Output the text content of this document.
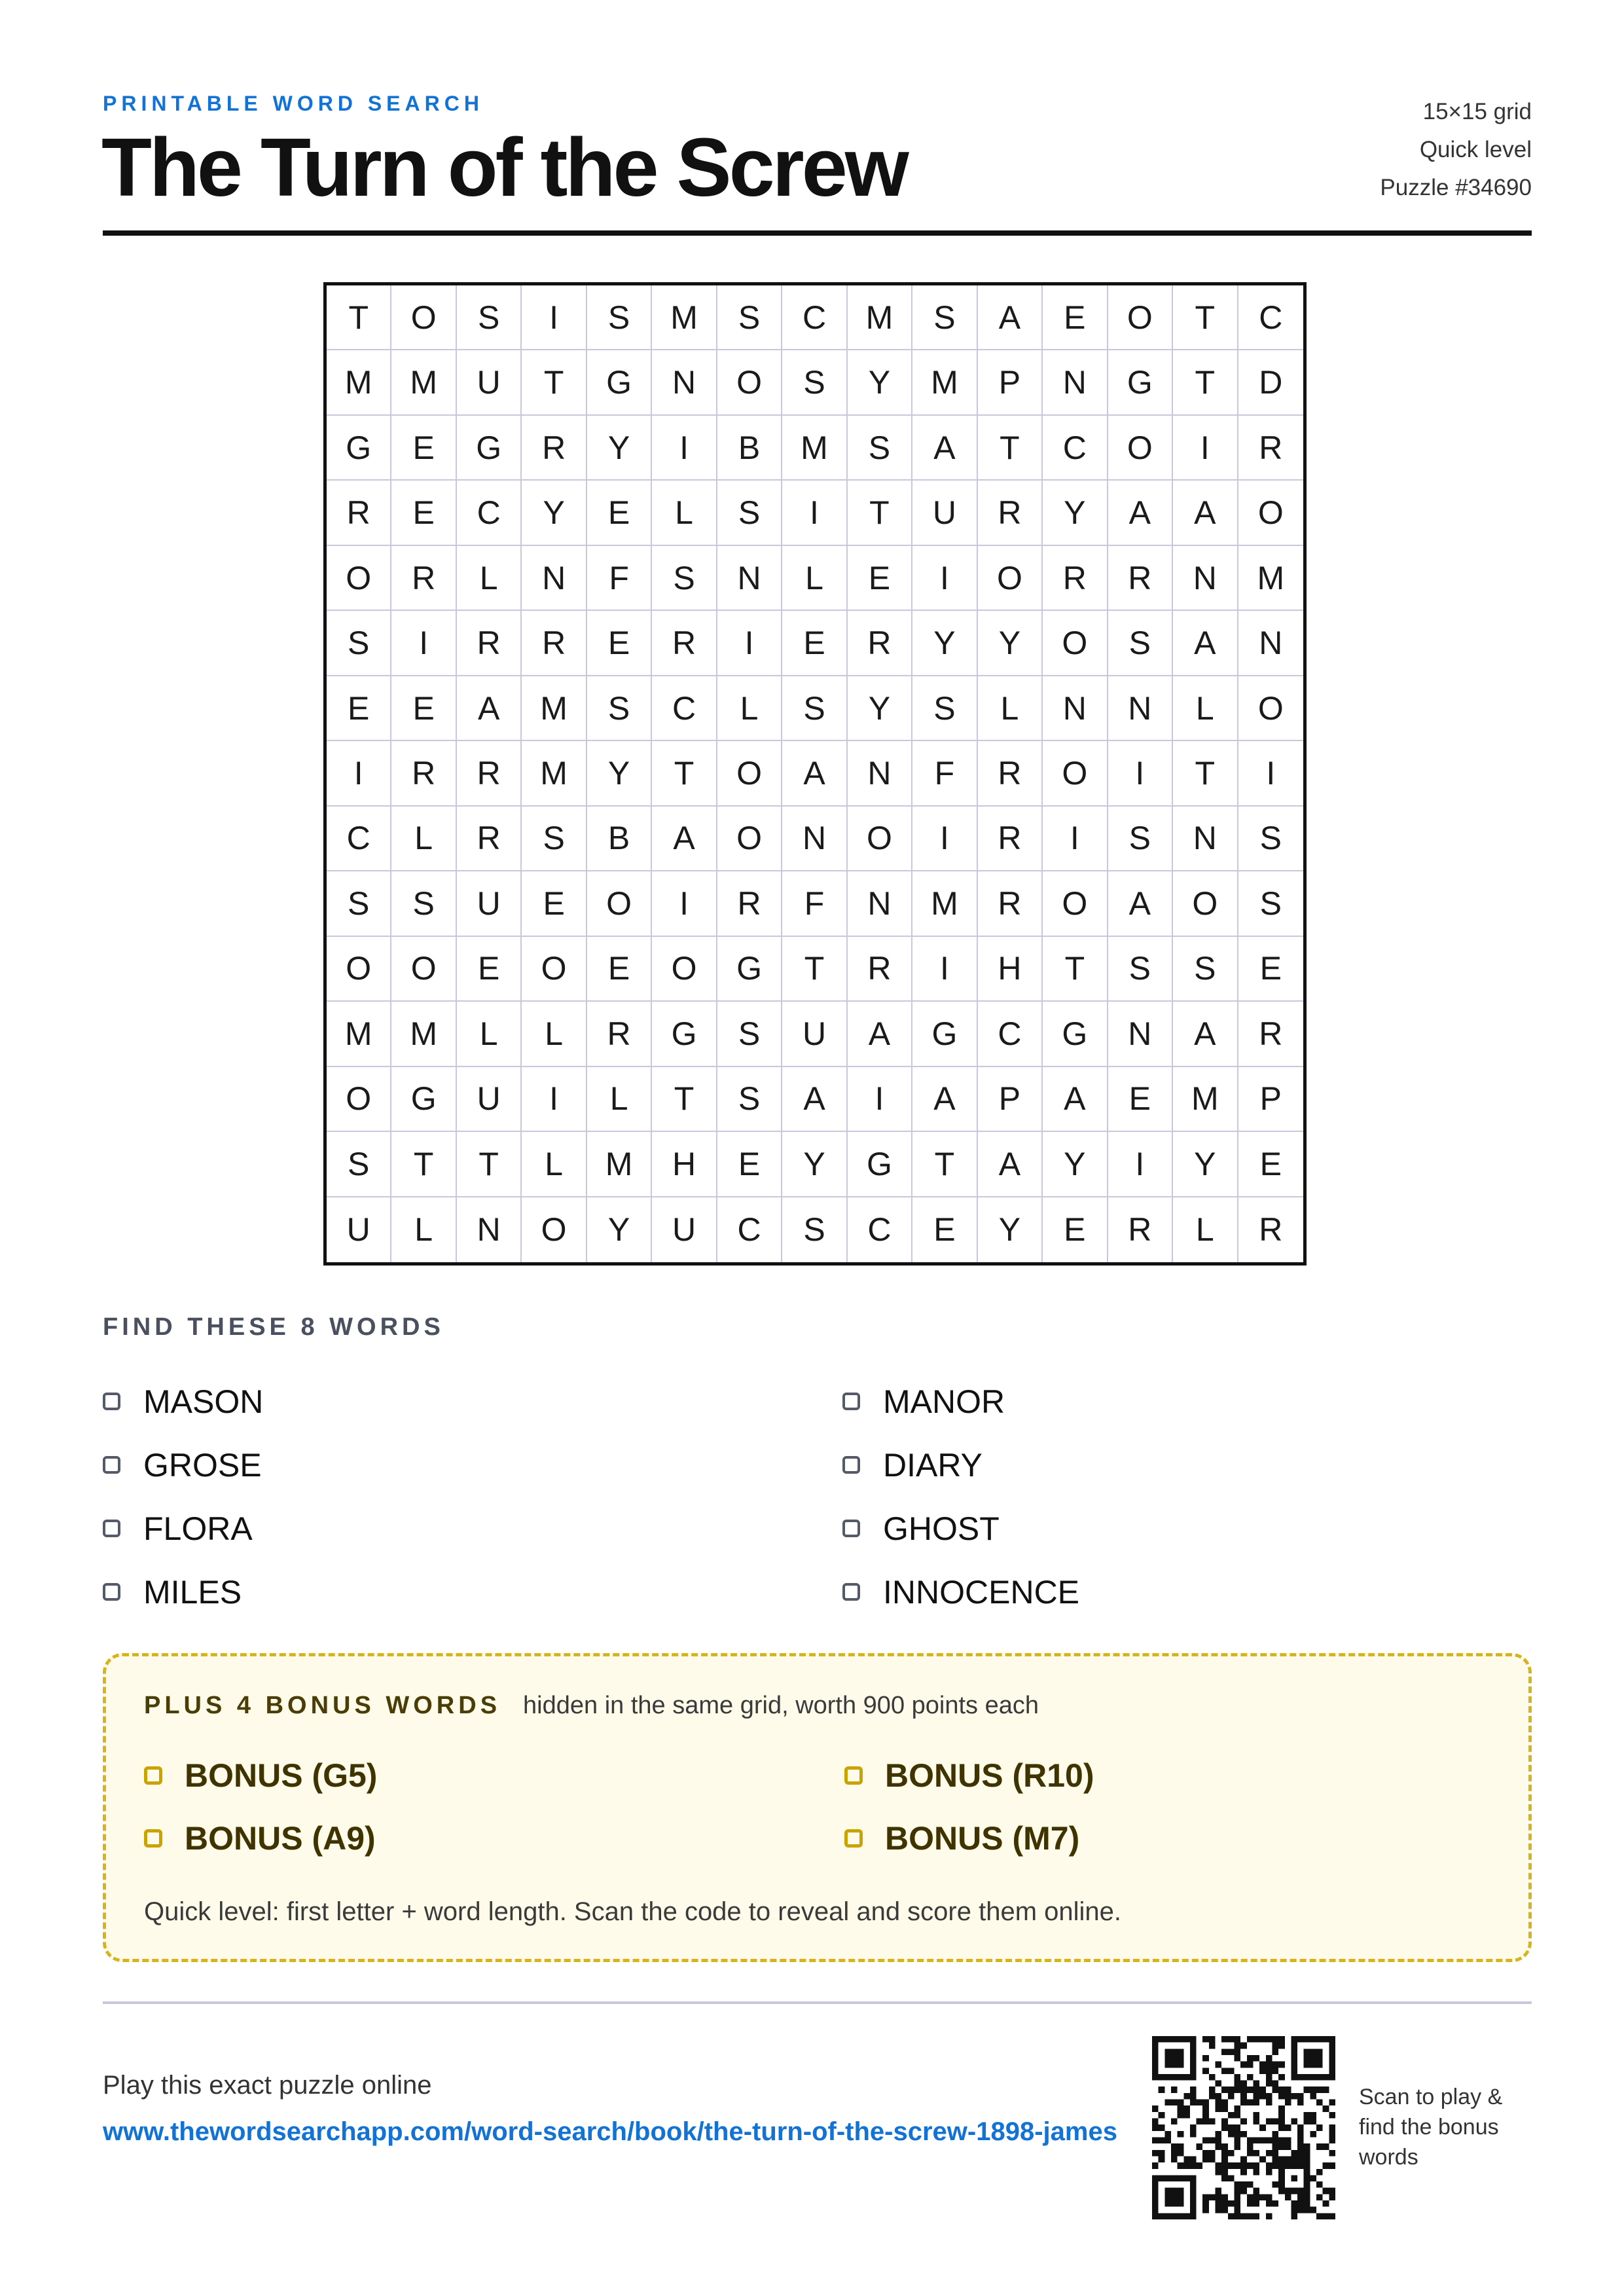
PRINTABLE WORD SEARCH
The Turn of the Screw
15×15 grid
Quick level
Puzzle #34690
T	O	S	I	S	M	S	C	M	S	A	E	O	T	C
M	M	U	T	G	N	O	S	Y	M	P	N	G	T	D
G	E	G	R	Y	I	B	M	S	A	T	C	O	I	R
R	E	C	Y	E	L	S	I	T	U	R	Y	A	A	O
O	R	L	N	F	S	N	L	E	I	O	R	R	N	M
S	I	R	R	E	R	I	E	R	Y	Y	O	S	A	N
E	E	A	M	S	C	L	S	Y	S	L	N	N	L	O
I	R	R	M	Y	T	O	A	N	F	R	O	I	T	I
C	L	R	S	B	A	O	N	O	I	R	I	S	N	S
S	S	U	E	O	I	R	F	N	M	R	O	A	O	S
O	O	E	O	E	O	G	T	R	I	H	T	S	S	E
M	M	L	L	R	G	S	U	A	G	C	G	N	A	R
O	G	U	I	L	T	S	A	I	A	P	A	E	M	P
S	T	T	L	M	H	E	Y	G	T	A	Y	I	Y	E
U	L	N	O	Y	U	C	S	C	E	Y	E	R	L	R
FIND THESE 8 WORDS
MASON	MANOR
GROSE	DIARY
FLORA	GHOST
MILES	INNOCENCE
PLUS 4 BONUS WORDS hidden in the same grid, worth 900 points each
BONUS (G5)	BONUS (R10)
BONUS (A9)	BONUS (M7)
Quick level: first letter + word length. Scan the code to reveal and score them online.
Play this exact puzzle online
www.thewordsearchapp.com/word-search/book/the-turn-of-the-screw-1898-james
Scan to play & find the bonus words
